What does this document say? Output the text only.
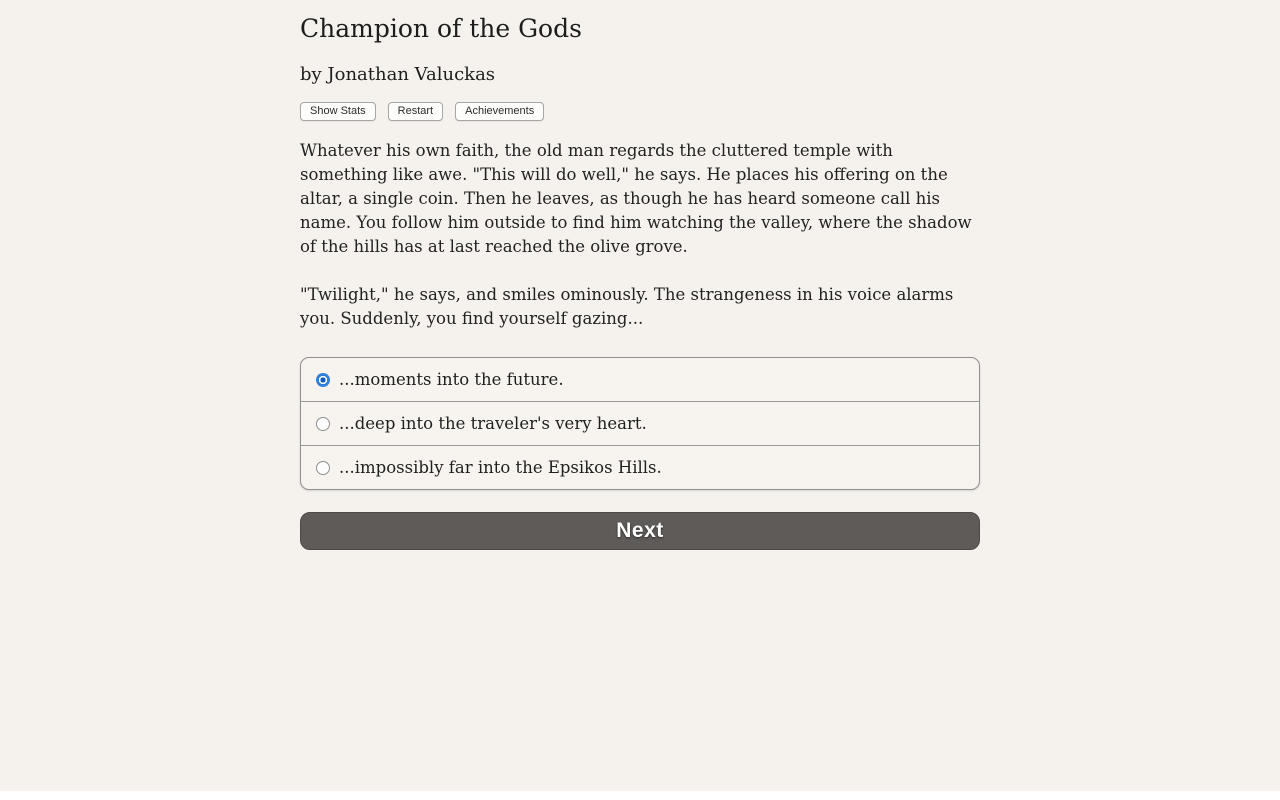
Champion of the Gods
by Jonathan Valuckas
Show Stats	Restart	Achievements

Whatever his own faith, the old man regards the cluttered temple with something like awe. "This will do well," he says. He places his offering on the altar, a single coin. Then he leaves, as though he has heard someone call his name. You follow him outside to find him watching the valley, where the shadow of the hills has at last reached the olive grove.

"Twilight," he says, and smiles ominously. The strangeness in his voice alarms you. Suddenly, you find yourself gazing...

...moments into the future.
...deep into the traveler's very heart.
...impossibly far into the Epsikos Hills.
Next
